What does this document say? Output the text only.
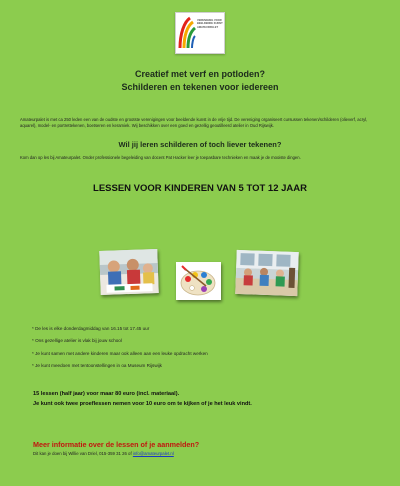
VERENIGING VOOR
BEELDENDE KUNST
AMATEURPALET
Creatief met verf en potloden?
Schilderen en tekenen voor iedereen
Amateurpalet is met ca 250 leden een van de oudste en grootste verenigingen voor beeldende kunst in de vrije tijd. De vereniging organiseert cursussen tekenen/schilderen (olieverf, acryl, aquarel), model- en portrettekenen, boetseren en keramiek. Wij beschikken over een goed en gezellig geoutilleerd atelier in Oud Rijswijk.
Wil jij leren schilderen of toch liever tekenen?
Kom dan op les bij Amateurpalet. Onder professionele begeleiding van docent Pat Hacker leer je toepasbare technieken en maak je de mooiste dingen.
LESSEN VOOR KINDEREN VAN 5 TOT 12 JAAR
* De les is elke donderdagmiddag van 16.15 tot 17.45 uur
* Ons gezellige atelier is vlak bij jouw school
* Je kunt samen met andere kinderen maar ook alleen aan een leuke opdracht werken
* Je kunt meedoen met tentoonstellingen in oa Museum Rijswijk
15 lessen (half jaar) voor maar 80 euro (incl. materiaal).
Je kunt ook twee proeflessen nemen voor 10 euro om te kijken of je het leuk vindt.
Meer informatie over de lessen of je aanmelden?
Dit kan je doen bij Willie van Driel, 015-359 31 26 of info@amateurpalet.nl
